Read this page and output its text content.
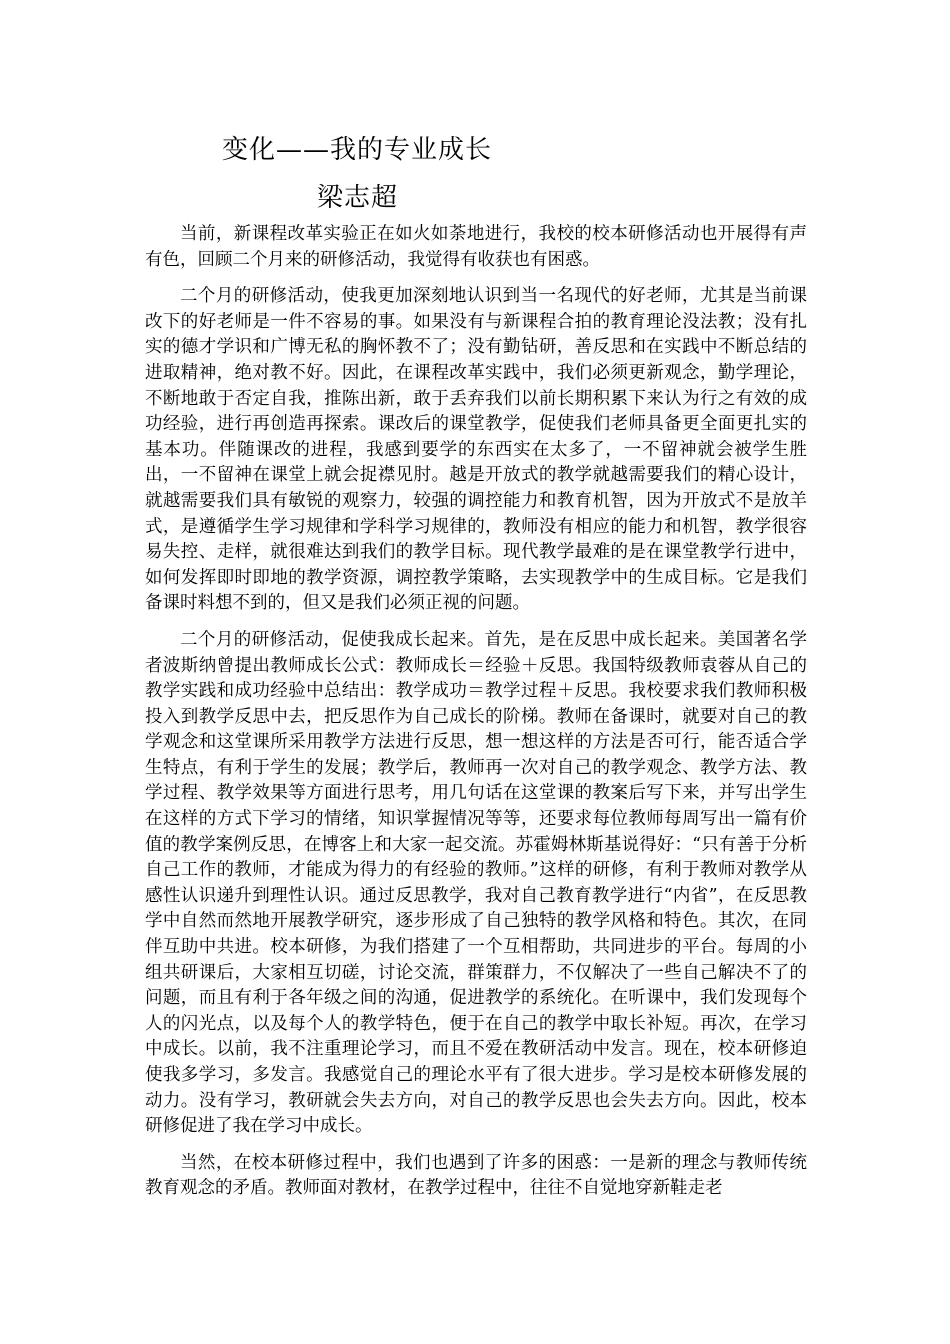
变化——我的专业成长
梁志超

当前，新课程改革实验正在如火如荼地进行，我校的校本研修活动也开展得有声有色，回顾二个月来的研修活动，我觉得有收获也有困惑。

二个月的研修活动，使我更加深刻地认识到当一名现代的好老师，尤其是当前课改下的好老师是一件不容易的事。如果没有与新课程合拍的教育理论没法教；没有扎实的德才学识和广博无私的胸怀教不了；没有勤钻研，善反思和在实践中不断总结的进取精神，绝对教不好。因此，在课程改革实践中，我们必须更新观念，勤学理论，不断地敢于否定自我，推陈出新，敢于丢弃我们以前长期积累下来认为行之有效的成功经验，进行再创造再探索。课改后的课堂教学，促使我们老师具备更全面更扎实的基本功。伴随课改的进程，我感到要学的东西实在太多了，一不留神就会被学生胜出，一不留神在课堂上就会捉襟见肘。越是开放式的教学就越需要我们的精心设计，就越需要我们具有敏锐的观察力，较强的调控能力和教育机智，因为开放式不是放羊式，是遵循学生学习规律和学科学习规律的，教师没有相应的能力和机智，教学很容易失控、走样，就很难达到我们的教学目标。现代教学最难的是在课堂教学行进中，如何发挥即时即地的教学资源，调控教学策略，去实现教学中的生成目标。它是我们备课时料想不到的，但又是我们必须正视的问题。

二个月的研修活动，促使我成长起来。首先，是在反思中成长起来。美国著名学者波斯纳曾提出教师成长公式：教师成长＝经验＋反思。我国特级教师袁蓉从自己的教学实践和成功经验中总结出：教学成功＝教学过程＋反思。我校要求我们教师积极投入到教学反思中去，把反思作为自己成长的阶梯。教师在备课时，就要对自己的教学观念和这堂课所采用教学方法进行反思，想一想这样的方法是否可行，能否适合学生特点，有利于学生的发展；教学后，教师再一次对自己的教学观念、教学方法、教学过程、教学效果等方面进行思考，用几句话在这堂课的教案后写下来，并写出学生在这样的方式下学习的情绪，知识掌握情况等等，还要求每位教师每周写出一篇有价值的教学案例反思，在博客上和大家一起交流。苏霍姆林斯基说得好：“只有善于分析自己工作的教师，才能成为得力的有经验的教师。”这样的研修，有利于教师对教学从感性认识递升到理性认识。通过反思教学，我对自己教育教学进行“内省”，在反思教学中自然而然地开展教学研究，逐步形成了自己独特的教学风格和特色。其次，在同伴互助中共进。校本研修，为我们搭建了一个互相帮助，共同进步的平台。每周的小组共研课后，大家相互切磋，讨论交流，群策群力，不仅解决了一些自己解决不了的问题，而且有利于各年级之间的沟通，促进教学的系统化。在听课中，我们发现每个人的闪光点，以及每个人的教学特色，便于在自己的教学中取长补短。再次，在学习中成长。以前，我不注重理论学习，而且不爱在教研活动中发言。现在，校本研修迫使我多学习，多发言。我感觉自己的理论水平有了很大进步。学习是校本研修发展的动力。没有学习，教研就会失去方向，对自己的教学反思也会失去方向。因此，校本研修促进了我在学习中成长。

当然，在校本研修过程中，我们也遇到了许多的困惑：一是新的理念与教师传统教育观念的矛盾。教师面对教材，在教学过程中，往往不自觉地穿新鞋走老
